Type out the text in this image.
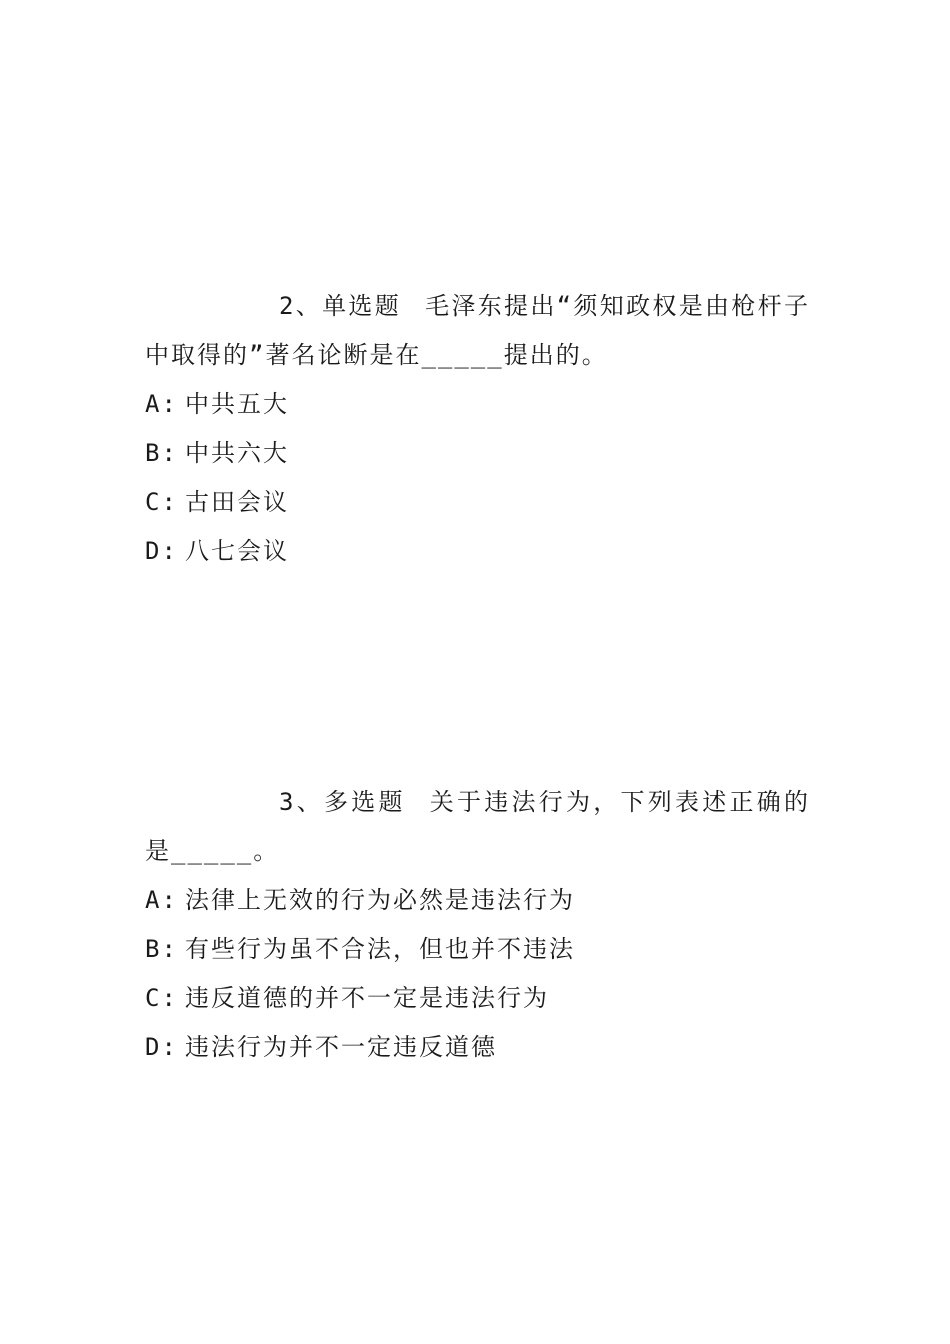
2、单选题 毛泽东提出“须知政权是由枪杆子中取得的”著名论断是在_____提出的。

A: 中共五大
B: 中共六大
C: 古田会议
D: 八七会议

3、多选题 关于违法行为，下列表述正确的是_____。

A: 法律上无效的行为必然是违法行为
B: 有些行为虽不合法，但也并不违法
C: 违反道德的并不一定是违法行为
D: 违法行为并不一定违反道德
